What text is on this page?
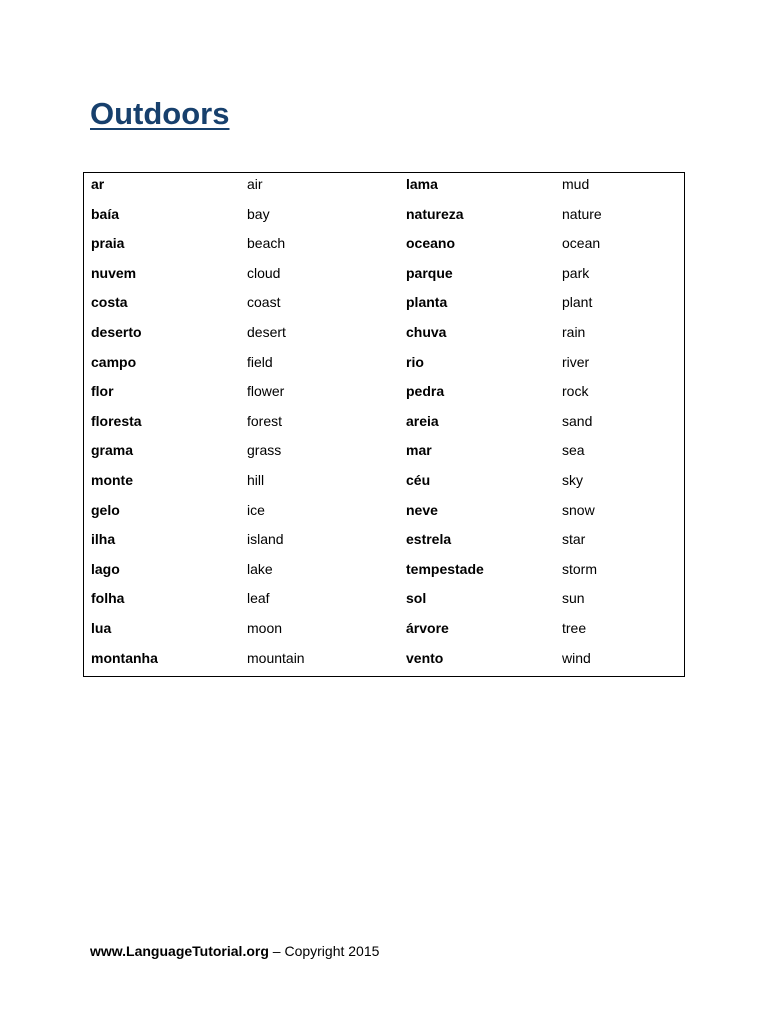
Outdoors
ar	air	lama	mud
baía	bay	natureza	nature
praia	beach	oceano	ocean
nuvem	cloud	parque	park
costa	coast	planta	plant
deserto	desert	chuva	rain
campo	field	rio	river
flor	flower	pedra	rock
floresta	forest	areia	sand
grama	grass	mar	sea
monte	hill	céu	sky
gelo	ice	neve	snow
ilha	island	estrela	star
lago	lake	tempestade	storm
folha	leaf	sol	sun
lua	moon	árvore	tree
montanha	mountain	vento	wind
www.LanguageTutorial.org – Copyright 2015
